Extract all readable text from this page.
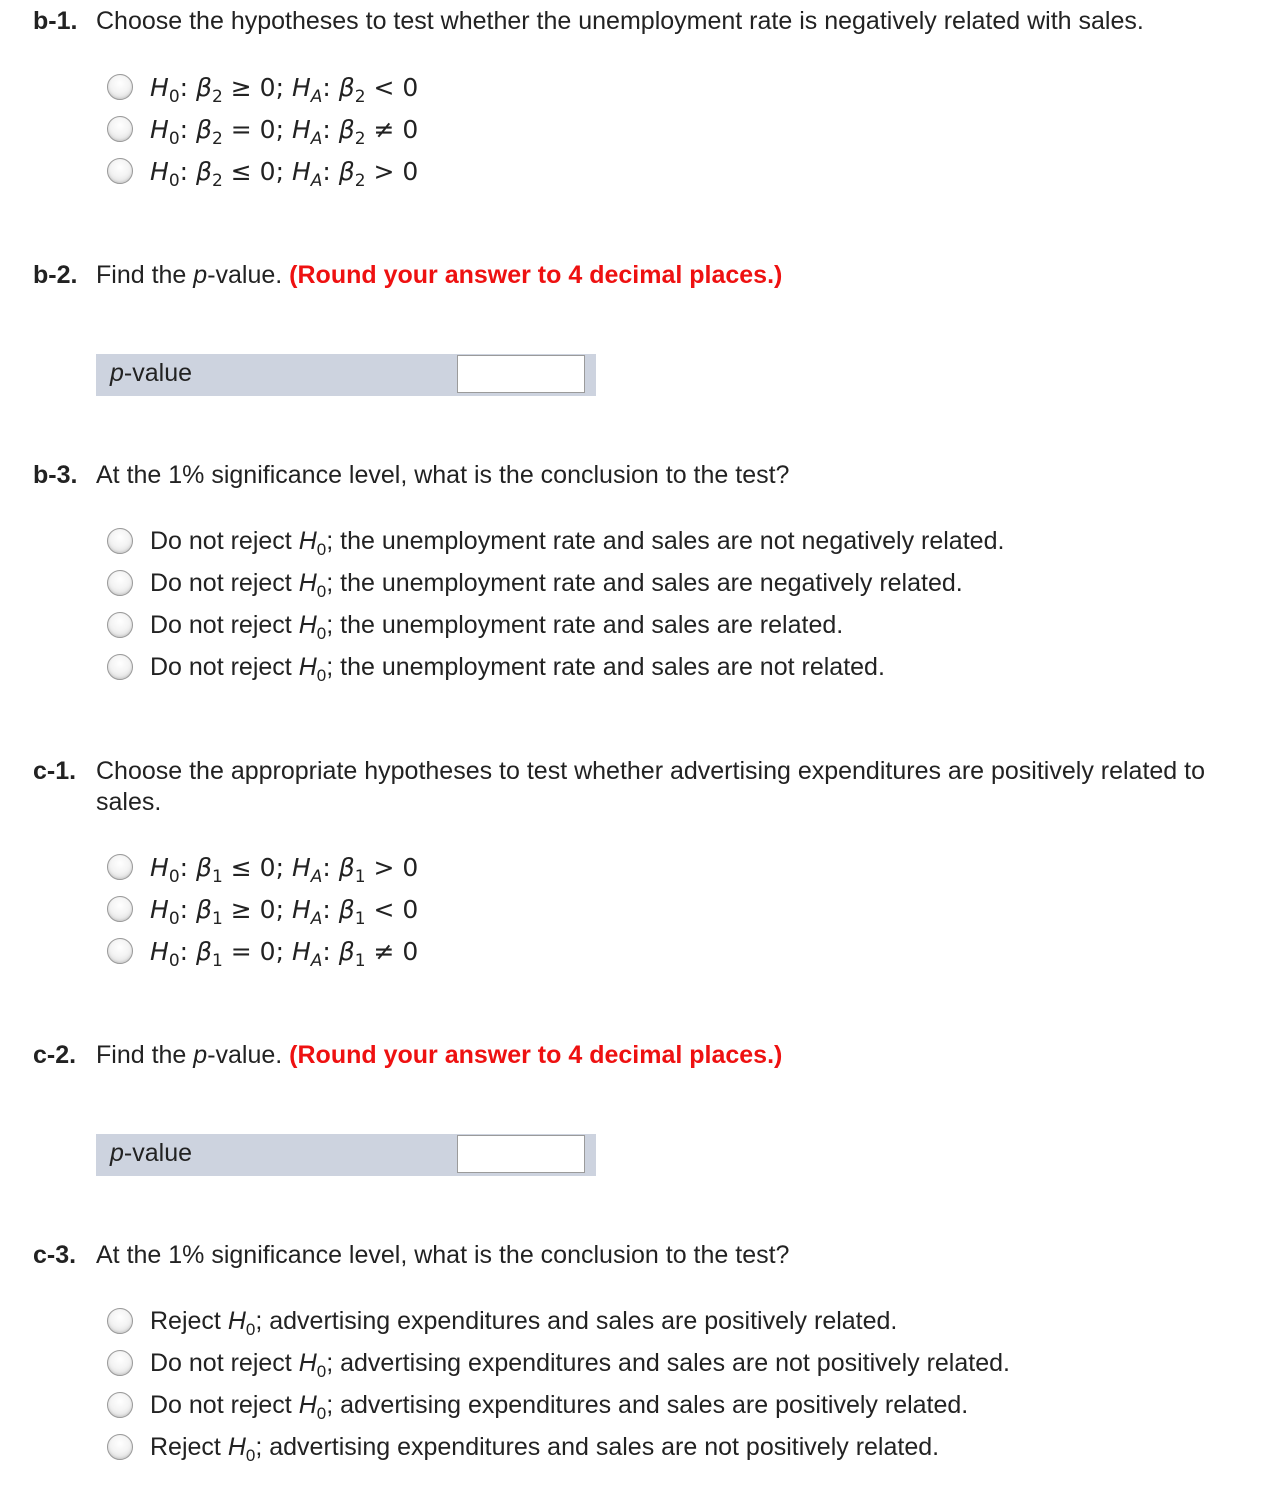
b-1. Choose the hypotheses to test whether the unemployment rate is negatively related with sales.
$H_0$: $\beta_2 \ge 0$; $H_A$: $\beta_2 < 0$
$H_0$: $\beta_2 = 0$; $H_A$: $\beta_2 \ne 0$
$H_0$: $\beta_2 \le 0$; $H_A$: $\beta_2 > 0$
b-2. Find the p-value. (Round your answer to 4 decimal places.)
p-value
b-3. At the 1% significance level, what is the conclusion to the test?
Do not reject $H_0$; the unemployment rate and sales are not negatively related.
Do not reject $H_0$; the unemployment rate and sales are negatively related.
Do not reject $H_0$; the unemployment rate and sales are related.
Do not reject $H_0$; the unemployment rate and sales are not related.
c-1. Choose the appropriate hypotheses to test whether advertising expenditures are positively related to sales.
$H_0$: $\beta_1 \le 0$; $H_A$: $\beta_1 > 0$
$H_0$: $\beta_1 \ge 0$; $H_A$: $\beta_1 < 0$
$H_0$: $\beta_1 = 0$; $H_A$: $\beta_1 \ne 0$
c-2. Find the p-value. (Round your answer to 4 decimal places.)
p-value
c-3. At the 1% significance level, what is the conclusion to the test?
Reject $H_0$; advertising expenditures and sales are positively related.
Do not reject $H_0$; advertising expenditures and sales are not positively related.
Do not reject $H_0$; advertising expenditures and sales are positively related.
Reject $H_0$; advertising expenditures and sales are not positively related.
